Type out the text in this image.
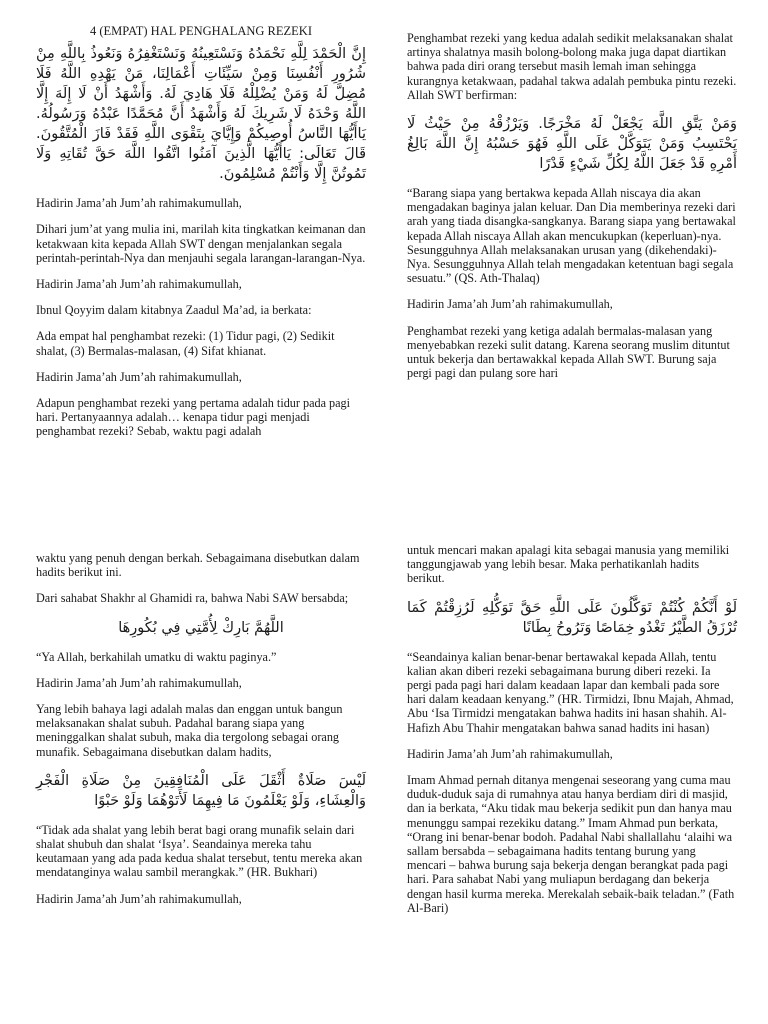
4 (EMPAT) HAL PENGHALANG REZEKI

إِنَّ الْحَمْدَ لِلَّهِ نَحْمَدُهُ وَنَسْتَعِينُهُ وَنَسْتَغْفِرُهُ وَنَعُوذُ بِاللَّهِ مِنْ شُرُورِ أَنْفُسِنَا وَمِنْ سَيِّئَاتِ أَعْمَالِنَا، مَنْ يَهْدِهِ اللَّهُ فَلَا مُضِلَّ لَهُ وَمَنْ يُضْلِلْهُ فَلَا هَادِيَ لَهُ. وَأَشْهَدُ أَنْ لَا إِلَهَ إِلَّا اللَّهُ وَحْدَهُ لَا شَرِيكَ لَهُ وَأَشْهَدُ أَنَّ مُحَمَّدًا عَبْدُهُ وَرَسُولُهُ. يَاأَيُّهَا النَّاسُ أُوصِيكُمْ وَإِيَّايَ بِتَقْوَى اللَّهِ فَقَدْ فَازَ الْمُتَّقُونَ. قَالَ تَعَالَى: يَاأَيُّهَا الَّذِينَ آمَنُوا اتَّقُوا اللَّهَ حَقَّ تُقَاتِهِ وَلَا تَمُوتُنَّ إِلَّا وَأَنْتُمْ مُسْلِمُونَ.

Hadirin Jama’ah Jum’ah rahimakumullah,

Dihari jum’at yang mulia ini, marilah kita tingkatkan keimanan dan ketakwaan kita kepada Allah SWT dengan menjalankan segala perintah-perintah-Nya dan menjauhi segala larangan-larangan-Nya.

Hadirin Jama’ah Jum’ah rahimakumullah,

Ibnul Qoyyim dalam kitabnya Zaadul Ma’ad, ia berkata:

Ada empat hal penghambat rezeki: (1) Tidur pagi, (2) Sedikit shalat, (3) Bermalas-malasan, (4) Sifat khianat.

Hadirin Jama’ah Jum’ah rahimakumullah,

Adapun penghambat rezeki yang pertama adalah tidur pada pagi hari. Pertanyaannya adalah… kenapa tidur pagi menjadi penghambat rezeki? Sebab, waktu pagi adalah

Penghambat rezeki yang kedua adalah sedikit melaksanakan shalat artinya shalatnya masih bolong-bolong maka juga dapat diartikan bahwa pada diri orang tersebut masih lemah iman sehingga kurangnya ketakwaan, padahal takwa adalah pembuka pintu rezeki. Allah SWT berfirman:

وَمَنْ يَتَّقِ اللَّهَ يَجْعَلْ لَهُ مَخْرَجًا. وَيَرْزُقْهُ مِنْ حَيْثُ لَا يَحْتَسِبُ وَمَنْ يَتَوَكَّلْ عَلَى اللَّهِ فَهُوَ حَسْبُهُ إِنَّ اللَّهَ بَالِغُ أَمْرِهِ قَدْ جَعَلَ اللَّهُ لِكُلِّ شَيْءٍ قَدْرًا

“Barang siapa yang bertakwa kepada Allah niscaya dia akan mengadakan baginya jalan keluar. Dan Dia memberinya rezeki dari arah yang tiada disangka-sangkanya. Barang siapa yang bertawakal kepada Allah niscaya Allah akan mencukupkan (keperluan)-nya. Sesungguhnya Allah melaksanakan urusan yang (dikehendaki)-Nya. Sesungguhnya Allah telah mengadakan ketentuan bagi segala sesuatu.” (QS. Ath-Thalaq)

Hadirin Jama’ah Jum’ah rahimakumullah,

Penghambat rezeki yang ketiga adalah bermalas-malasan yang menyebabkan rezeki sulit datang. Karena seorang muslim dituntut untuk bekerja dan bertawakkal kepada Allah SWT. Burung saja pergi pagi dan pulang sore hari

waktu yang penuh dengan berkah. Sebagaimana disebutkan dalam hadits berikut ini.

Dari sahabat Shakhr al Ghamidi ra, bahwa Nabi SAW bersabda;

اللَّهُمَّ بَارِكْ لِأُمَّتِي فِي بُكُورِهَا

“Ya Allah, berkahilah umatku di waktu paginya.”

Hadirin Jama’ah Jum’ah rahimakumullah,

Yang lebih bahaya lagi adalah malas dan enggan untuk bangun melaksanakan shalat subuh. Padahal barang siapa yang meninggalkan shalat subuh, maka dia tergolong sebagai orang munafik. Sebagaimana disebutkan dalam hadits,

لَيْسَ صَلَاةٌ أَثْقَلَ عَلَى الْمُنَافِقِينَ مِنْ صَلَاةِ الْفَجْرِ وَالْعِشَاءِ، وَلَوْ يَعْلَمُونَ مَا فِيهِمَا لَأَتَوْهُمَا وَلَوْ حَبْوًا

“Tidak ada shalat yang lebih berat bagi orang munafik selain dari shalat shubuh dan shalat ‘Isya’. Seandainya mereka tahu keutamaan yang ada pada kedua shalat tersebut, tentu mereka akan mendatanginya walau sambil merangkak.” (HR. Bukhari)

Hadirin Jama’ah Jum’ah rahimakumullah,

untuk mencari makan apalagi kita sebagai manusia yang memiliki tanggungjawab yang lebih besar. Maka perhatikanlah hadits berikut.

لَوْ أَنَّكُمْ كُنْتُمْ تَوَكَّلُونَ عَلَى اللَّهِ حَقَّ تَوَكُّلِهِ لَرُزِقْتُمْ كَمَا تُرْزَقُ الطَّيْرُ تَغْدُو خِمَاصًا وَتَرُوحُ بِطَانًا

“Seandainya kalian benar-benar bertawakal kepada Allah, tentu kalian akan diberi rezeki sebagaimana burung diberi rezeki. Ia pergi pada pagi hari dalam keadaan lapar dan kembali pada sore hari dalam keadaan kenyang.” (HR. Tirmidzi, Ibnu Majah, Ahmad, Abu ‘Isa Tirmidzi mengatakan bahwa hadits ini hasan shahih. Al-Hafizh Abu Thahir mengatakan bahwa sanad hadits ini hasan)

Hadirin Jama’ah Jum’ah rahimakumullah,

Imam Ahmad pernah ditanya mengenai seseorang yang cuma mau duduk-duduk saja di rumahnya atau hanya berdiam diri di masjid, dan ia berkata, “Aku tidak mau bekerja sedikit pun dan hanya mau menunggu sampai rezekiku datang.” Imam Ahmad pun berkata, “Orang ini benar-benar bodoh. Padahal Nabi shallallahu ‘alaihi wa sallam bersabda – sebagaimana hadits tentang burung yang mencari – bahwa burung saja bekerja dengan berangkat pada pagi hari. Para sahabat Nabi yang muliapun berdagang dan bekerja dengan hasil kurma mereka. Merekalah sebaik-baik teladan.” (Fath Al-Bari)
